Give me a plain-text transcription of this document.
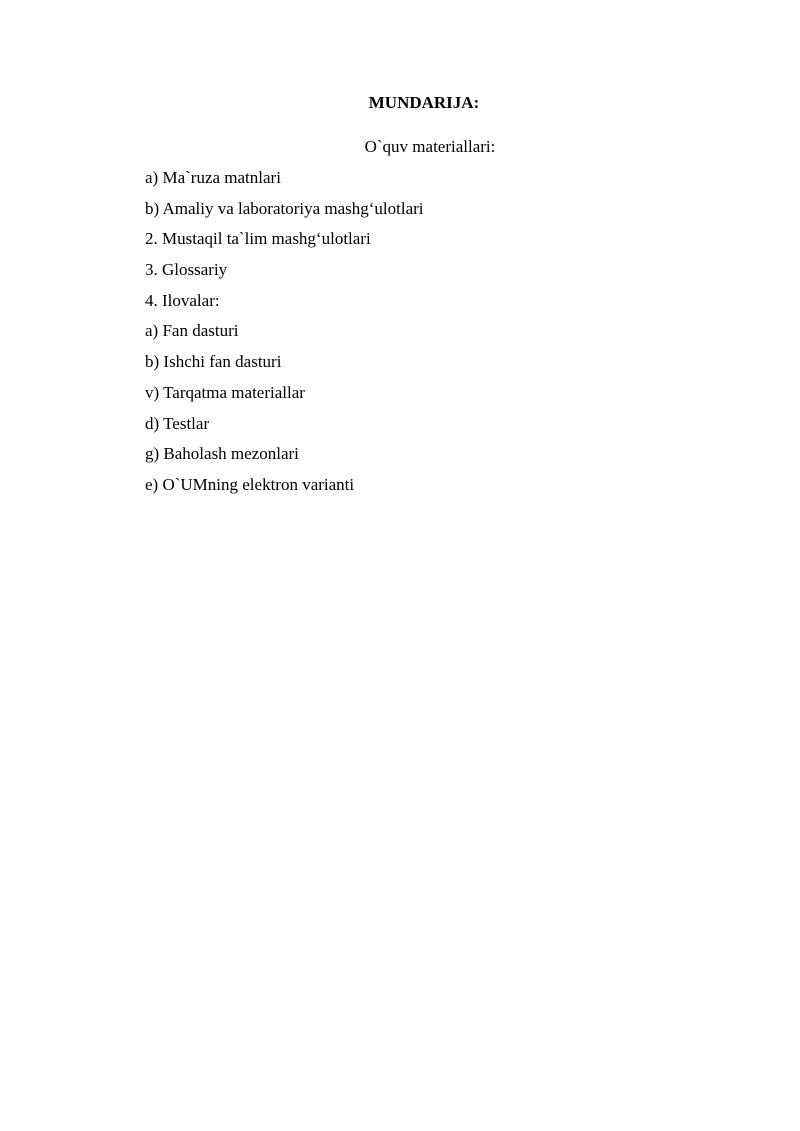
MUNDARIJA:
O`quv materiallari:
a) Ma`ruza matnlari
b) Amaliy va laboratoriya mashg‘ulotlari
2. Mustaqil ta`lim mashg‘ulotlari
3. Glossariy
4. Ilovalar:
a) Fan dasturi
b) Ishchi fan dasturi
v) Tarqatma materiallar
d) Testlar
g) Baholash mezonlari
e) O`UMning elektron varianti
